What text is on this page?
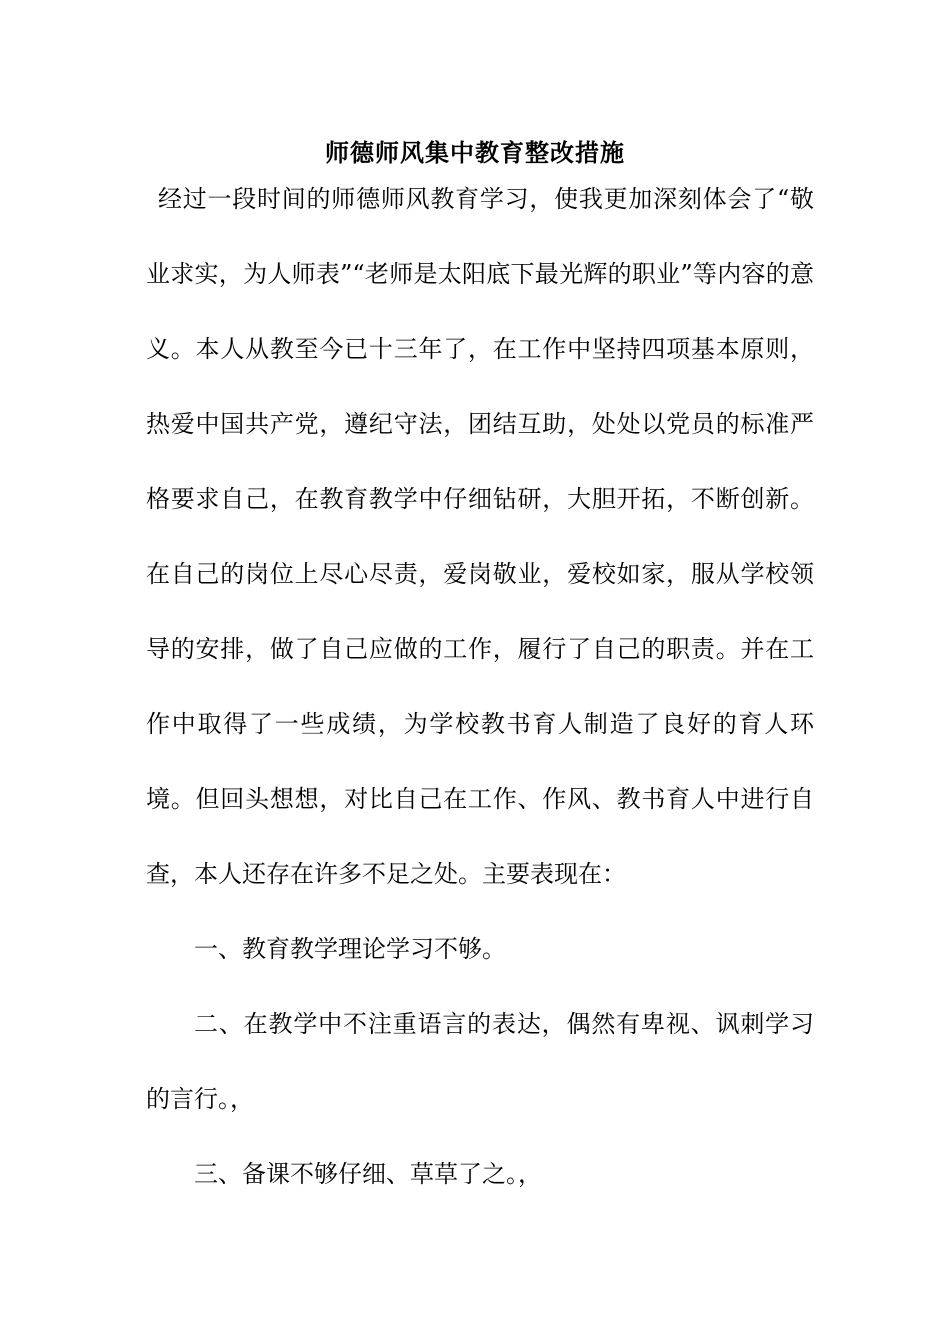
师德师风集中教育整改措施

经过一段时间的师德师风教育学习，使我更加深刻体会了“敬业求实，为人师表”“老师是太阳底下最光辉的职业”等内容的意义。本人从教至今已十三年了，在工作中坚持四项基本原则，热爱中国共产党，遵纪守法，团结互助，处处以党员的标准严格要求自己，在教育教学中仔细钻研，大胆开拓，不断创新。在自己的岗位上尽心尽责，爱岗敬业，爱校如家，服从学校领导的安排，做了自己应做的工作，履行了自己的职责。并在工作中取得了一些成绩，为学校教书育人制造了良好的育人环境。但回头想想，对比自己在工作、作风、教书育人中进行自查，本人还存在许多不足之处。主要表现在：

一、教育教学理论学习不够。

二、在教学中不注重语言的表达，偶然有卑视、讽刺学习的言行。，

三、备课不够仔细、草草了之。，
